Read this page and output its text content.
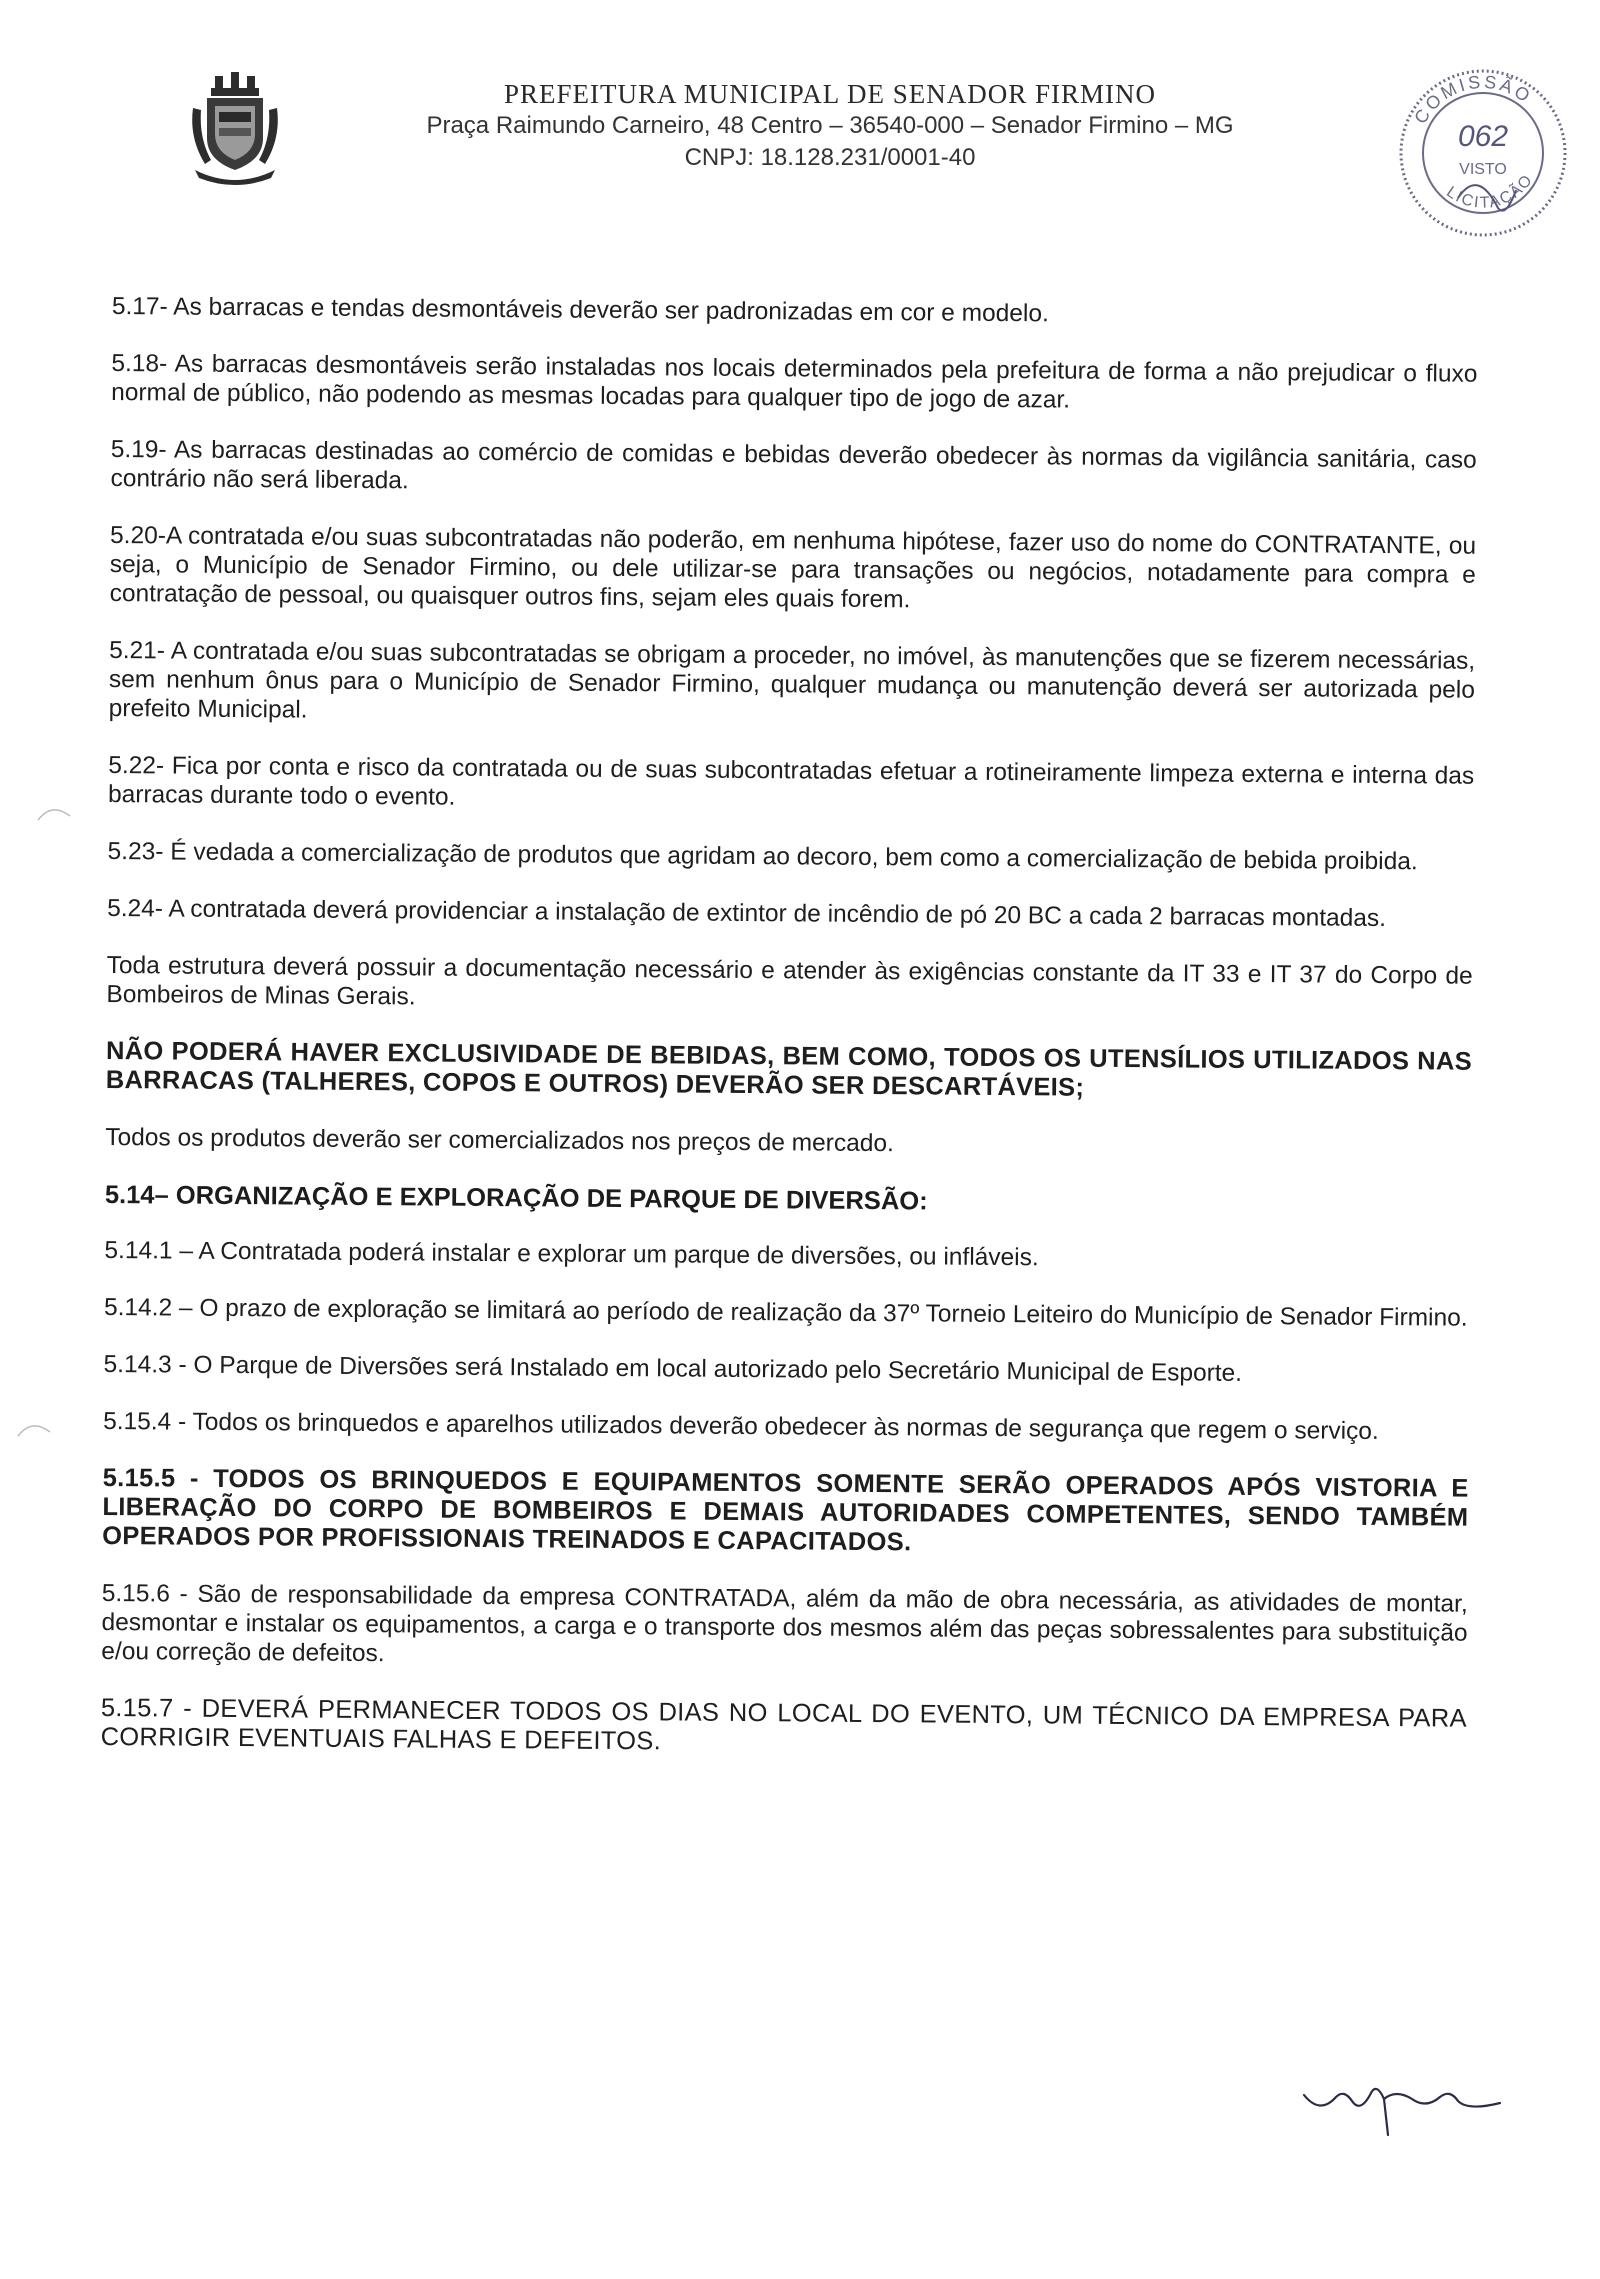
PREFEITURA MUNICIPAL DE SENADOR FIRMINO
Praça Raimundo Carneiro, 48 Centro – 36540-000 – Senador Firmino – MG
CNPJ: 18.128.231/0001-40
COMISSÃO
LICITAÇÃO
062
VISTO

5.17- As barracas e tendas desmontáveis deverão ser padronizadas em cor e modelo.

5.18- As barracas desmontáveis serão instaladas nos locais determinados pela prefeitura de forma a não prejudicar o fluxo normal de público, não podendo as mesmas locadas para qualquer tipo de jogo de azar.

5.19- As barracas destinadas ao comércio de comidas e bebidas deverão obedecer às normas da vigilância sanitária, caso contrário não será liberada.

5.20-A contratada e/ou suas subcontratadas não poderão, em nenhuma hipótese, fazer uso do nome do CONTRATANTE, ou seja, o Município de Senador Firmino, ou dele utilizar-se para transações ou negócios, notadamente para compra e contratação de pessoal, ou quaisquer outros fins, sejam eles quais forem.

5.21- A contratada e/ou suas subcontratadas se obrigam a proceder, no imóvel, às manutenções que se fizerem necessárias, sem nenhum ônus para o Município de Senador Firmino, qualquer mudança ou manutenção deverá ser autorizada pelo prefeito Municipal.

5.22- Fica por conta e risco da contratada ou de suas subcontratadas efetuar a rotineiramente limpeza externa e interna das barracas durante todo o evento.

5.23- É vedada a comercialização de produtos que agridam ao decoro, bem como a comercialização de bebida proibida.

5.24- A contratada deverá providenciar a instalação de extintor de incêndio de pó 20 BC a cada 2 barracas montadas.

Toda estrutura deverá possuir a documentação necessário e atender às exigências constante da IT 33 e IT 37 do Corpo de Bombeiros de Minas Gerais.

NÃO PODERÁ HAVER EXCLUSIVIDADE DE BEBIDAS, BEM COMO, TODOS OS UTENSÍLIOS UTILIZADOS NAS BARRACAS (TALHERES, COPOS E OUTROS) DEVERÃO SER DESCARTÁVEIS;

Todos os produtos deverão ser comercializados nos preços de mercado.

5.14– ORGANIZAÇÃO E EXPLORAÇÃO DE PARQUE DE DIVERSÃO:

5.14.1 – A Contratada poderá instalar e explorar um parque de diversões, ou infláveis.

5.14.2 – O prazo de exploração se limitará ao período de realização da 37º Torneio Leiteiro do Município de Senador Firmino.

5.14.3 - O Parque de Diversões será Instalado em local autorizado pelo Secretário Municipal de Esporte.

5.15.4 - Todos os brinquedos e aparelhos utilizados deverão obedecer às normas de segurança que regem o serviço.

5.15.5 - TODOS OS BRINQUEDOS E EQUIPAMENTOS SOMENTE SERÃO OPERADOS APÓS VISTORIA E LIBERAÇÃO DO CORPO DE BOMBEIROS E DEMAIS AUTORIDADES COMPETENTES, SENDO TAMBÉM OPERADOS POR PROFISSIONAIS TREINADOS E CAPACITADOS.

5.15.6 - São de responsabilidade da empresa CONTRATADA, além da mão de obra necessária, as atividades de montar, desmontar e instalar os equipamentos, a carga e o transporte dos mesmos além das peças sobressalentes para substituição e/ou correção de defeitos.

5.15.7 - DEVERÁ PERMANECER TODOS OS DIAS NO LOCAL DO EVENTO, UM TÉCNICO DA EMPRESA PARA CORRIGIR EVENTUAIS FALHAS E DEFEITOS.
